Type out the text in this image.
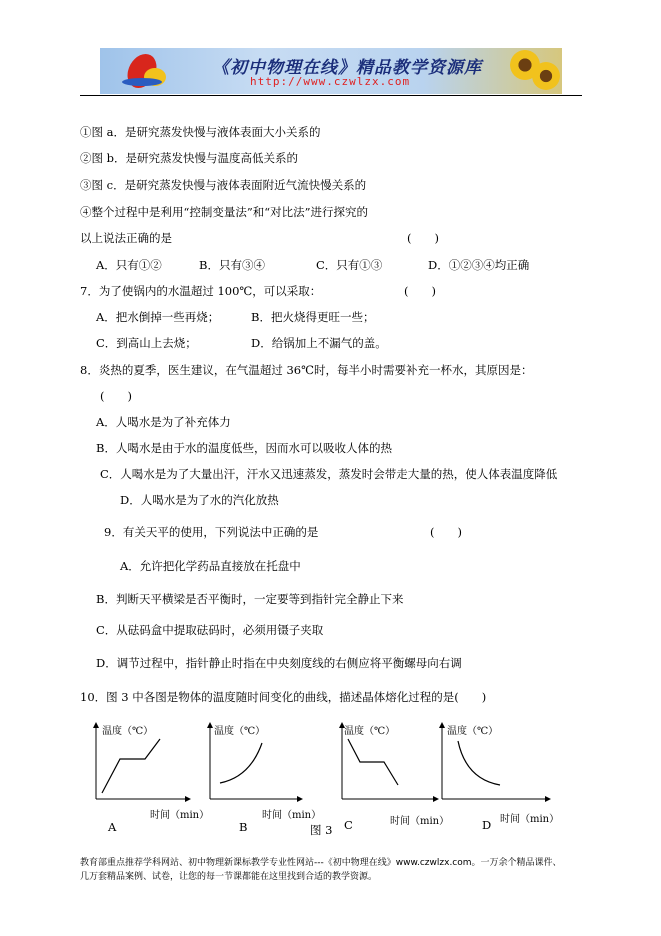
《初中物理在线》精品教学资源库
http://www.czwlzx.com
①图 a．是研究蒸发快慢与液体表面大小关系的
②图 b．是研究蒸发快慢与温度高低关系的
③图 c．是研究蒸发快慢与液体表面附近气流快慢关系的
④整个过程中是利用“控制变量法”和“对比法”进行探究的
以上说法正确的是	(　　)
A．只有①②	B．只有③④	C．只有①③	D．①②③④均正确
7．为了使锅内的水温超过 100℃，可以采取：	(　　)
A．把水倒掉一些再烧；	B．把火烧得更旺一些；
C．到高山上去烧；	D．给锅加上不漏气的盖。
8．炎热的夏季，医生建议，在气温超过 36℃时，每半小时需要补充一杯水，其原因是：
(　　)
A．人喝水是为了补充体力
B．人喝水是由于水的温度低些，因而水可以吸收人体的热
C．人喝水是为了大量出汗，汗水又迅速蒸发，蒸发时会带走大量的热，使人体表温度降低
D．人喝水是为了水的汽化放热
9．有关天平的使用，下列说法中正确的是	(　　)
A．允许把化学药品直接放在托盘中
B．判断天平横梁是否平衡时，一定要等到指针完全静止下来
C．从砝码盒中提取砝码时，必须用镊子夹取
D．调节过程中，指针静止时指在中央刻度线的右侧应将平衡螺母向右调
10．图 3 中各图是物体的温度随时间变化的曲线，描述晶体熔化过程的是(　　)
温度（℃）
时间（min）
A
温度（℃）
时间（min）
B
温度（℃）
时间（min）
C
温度（℃）
时间（min）
D
图 3
教育部重点推荐学科网站、初中物理新课标教学专业性网站---《初中物理在线》www.czwlzx.com。一万余个精品课件、
几万套精品案例、试卷，让您的每一节课都能在这里找到合适的教学资源。
